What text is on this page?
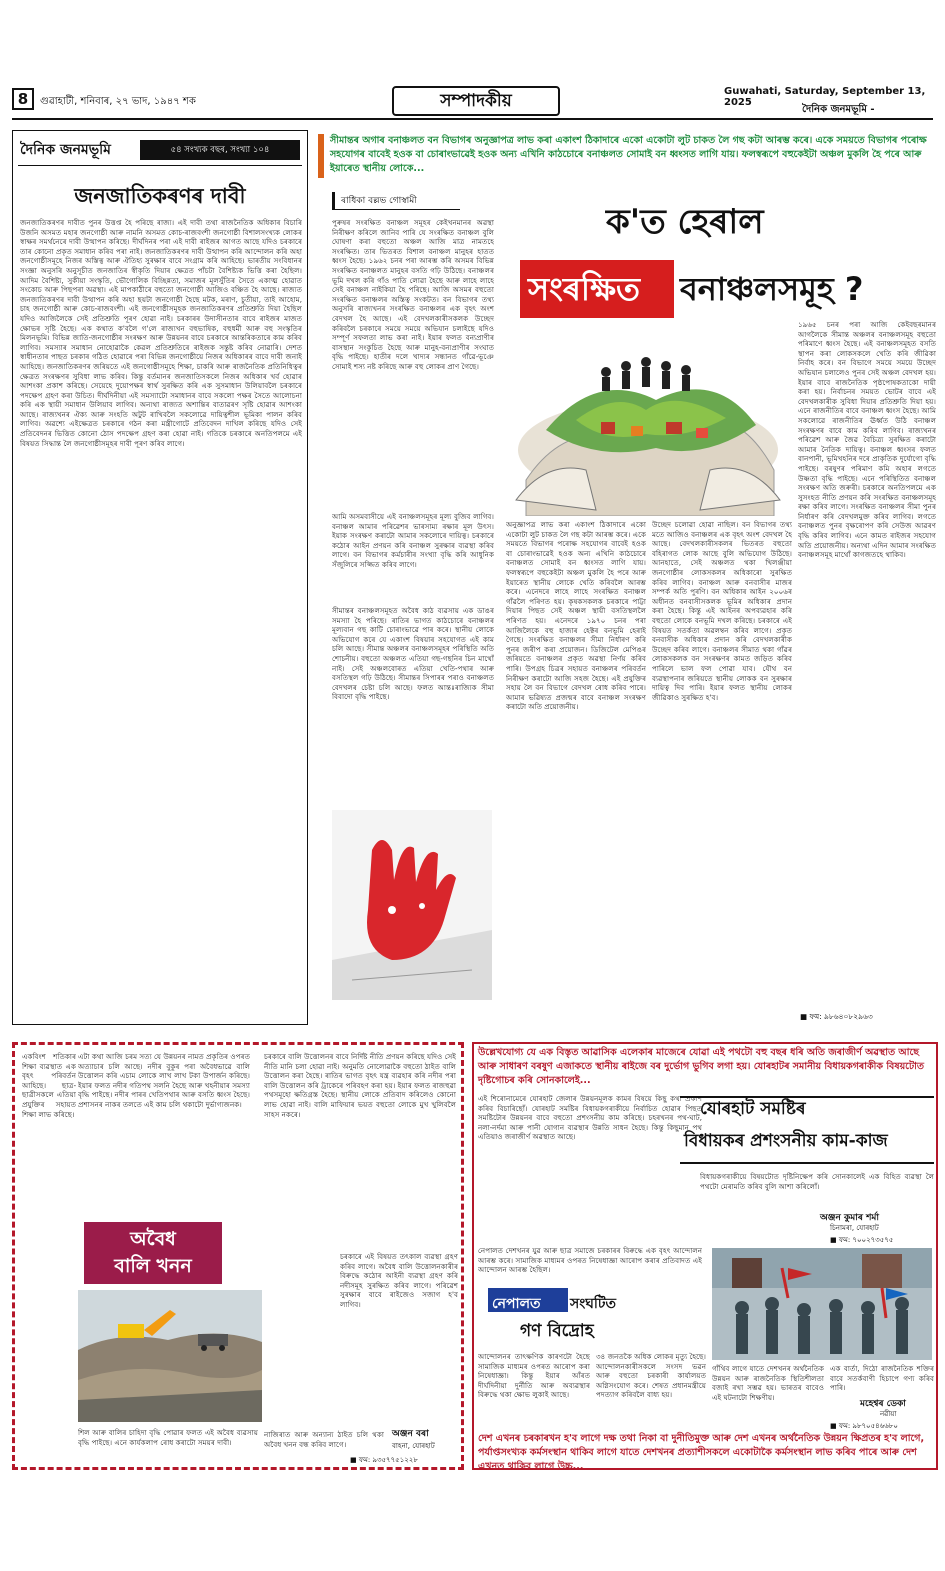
8	গুৱাহাটী, শনিবাৰ, ২৭ ভাদ, ১৯৪৭ শক	সম্পাদকীয়	Guwahati, Saturday, September 13, 2025
দৈনিক জনমভূমি -
দৈনিক জনমভূমি	৫৪ সংখ্যক বছৰ, সংখ্যা ১০৪
জনজাতিকৰণৰ দাবী
জনজাতিকৰণৰ দাবীত পুনৰ উত্তপ্ত হৈ পৰিছে ৰাজ্য। এই দাবী তথা ৰাজনৈতিক অধিকাৰ বিচাৰি উজনি অসমত মহাৰ জনগোষ্ঠী আৰু নামনি অসমত কোচ-ৰাজবংশী জনগোষ্ঠী বিশালসংখ্যক লোকৰ স্বাক্ষৰ সমৰ্থনেৰে দাবী উত্থাপন কৰিছে। দীৰ্ঘদিনৰ পৰা এই দাবী ৰাইজৰ আগত আছে যদিও চৰকাৰে তাৰ কোনো প্ৰকৃত সমাধান কৰিব পৰা নাই। জনজাতিকৰণৰ দাবী উত্থাপন কৰি আন্দোলন কৰি অহা জনগোষ্ঠীসমূহে নিজৰ অস্তিত্ব আৰু ঐতিহ্য সুৰক্ষাৰ বাবে সংগ্ৰাম কৰি আহিছে। ভাৰতীয় সংবিধানৰ সংজ্ঞা অনুসৰি অনুসূচীত জনজাতিৰ স্বীকৃতি দিয়াৰ ক্ষেত্ৰত পাঁচটা বৈশিষ্ট্যক ভিত্তি কৰা হৈছিল। আদিম বৈশিষ্ট্য, সুকীয়া সংস্কৃতি, ভৌগোলিক বিচ্ছিন্নতা, সমাজৰ মূলসুঁতিৰ সৈতে একাত্ম হোৱাত সংকোচ আৰু পিছপৰা অৱস্থা। এই মাপকাঠীৰে বহুতো জনগোষ্ঠী আজিও বঞ্চিত হৈ আছে। ৰাজ্যত জনজাতিকৰণৰ দাবী উত্থাপন কৰি অহা ছয়টা জনগোষ্ঠী হৈছে মটক, মৰাণ, চুতীয়া, তাই আহোম, চাহ জনগোষ্ঠী আৰু কোচ-ৰাজবংশী। এই জনগোষ্ঠীসমূহক জনজাতিকৰণৰ প্ৰতিশ্ৰুতি দিয়া হৈছিল যদিও আজিলৈকে সেই প্ৰতিশ্ৰুতি পূৰণ হোৱা নাই। চৰকাৰৰ উদাসীনতাৰ বাবে ৰাইজৰ মাজত ক্ষোভৰ সৃষ্টি হৈছে। এক কথাত ক'বলৈ গ'লে ৰাজ্যখন বহুভাষিক, বহুধৰ্মী আৰু বহু সংস্কৃতিৰ মিলনভূমি। বিভিন্ন জাতি-জনগোষ্ঠীৰ সংৰক্ষণ আৰু উন্নয়নৰ বাবে চৰকাৰে আন্তৰিকতাৰে কাম কৰিব লাগিব। সমস্যাৰ সমাধান নোহোৱাকৈ কেৱল প্ৰতিশ্ৰুতিৰে ৰাইজক সন্তুষ্ট কৰিব নোৱাৰি। দেশত স্বাধীনতাৰ পাছত চৰকাৰ গঠিত হোৱাৰে পৰা বিভিন্ন জনগোষ্ঠীয়ে নিজৰ অধিকাৰৰ বাবে দাবী জনাই আহিছে। জনজাতিকৰণৰ জৰিয়তে এই জনগোষ্ঠীসমূহে শিক্ষা, চাকৰি আৰু ৰাজনৈতিক প্ৰতিনিধিত্বৰ ক্ষেত্ৰত সংৰক্ষণৰ সুবিধা লাভ কৰিব। কিন্তু বৰ্তমানৰ জনজাতিসকলে নিজৰ অধিকাৰ খৰ্ব হোৱাৰ আশংকা প্ৰকাশ কৰিছে। সেয়েহে দুয়োপক্ষৰ স্বাৰ্থ সুৰক্ষিত কৰি এক সুসমাধান উলিয়াবলৈ চৰকাৰে পদক্ষেপ গ্ৰহণ কৰা উচিত। দীৰ্ঘদিনীয়া এই সমস্যাটো সমাধানৰ বাবে সকলো পক্ষৰ সৈতে আলোচনা কৰি এক স্থায়ী সমাধান উলিয়াব লাগিব। অন্যথা ৰাজ্যত অশান্তিৰ বাতাৱৰণ সৃষ্টি হোৱাৰ আশংকা আছে। ৰাজ্যখনৰ ঐক্য আৰু সংহতি অটুট ৰাখিবলৈ সকলোৱে দায়িত্বশীল ভূমিকা পালন কৰিব লাগিব। অৱশ্যে এইক্ষেত্ৰত চৰকাৰে গঠন কৰা মন্ত্ৰীগোটে প্ৰতিবেদন দাখিল কৰিছে যদিও সেই প্ৰতিবেদনৰ ভিত্তিত কোনো ঠোস পদক্ষেপ গ্ৰহণ কৰা হোৱা নাই। গতিকে চৰকাৰে অনতিপলমে এই বিষয়ত সিদ্ধান্ত লৈ জনগোষ্ঠীসমূহৰ দাবী পূৰণ কৰিব লাগে।
সীমান্তৰ অগাৰ বনাঞ্চলত বন বিভাগৰ অনুজ্ঞাপত্ৰ লাভ কৰা একাংশ ঠিকাদাৰে একো একোটা লুট চাকত লৈ গছ কটা আৰম্ভ কৰে। একে সময়তে বিভাগৰ পৰোক্ষ সহযোগৰ বাবেই হওক বা চোৰাংভাৱেই হওক অন্য এখিনি কাঠচোৰে বনাঞ্চলত সোমাই বন ধ্বংসত লাগি যায়। ফলস্বৰূপে বহুকেইটা অঞ্চল মুকলি হৈ পৰে আৰু ইয়াৰেত স্থানীয় লোকে...
ৰাধিকা বল্লভ গোস্বামী
ক'ত হেৰাল
সংৰক্ষিত বনাঞ্চলসমূহ ?
পুৰুষৰ সংৰক্ষিত বনাঞ্চল সমূহৰ কেইখনমানৰ অৱস্থা নিৰীক্ষণ কৰিলে জানিব পাৰি যে সংৰক্ষিত বনাঞ্চল বুলি ঘোষণা কৰা বহুতো অঞ্চল আজি মাত্ৰ নামতহে সংৰক্ষিত। তাৰ ভিতৰত বিশাল বনাঞ্চল মানুহৰ হাতত ধ্বংস হৈছে। ১৯৬২ চনৰ পৰা আৰম্ভ কৰি অসমৰ বিভিন্ন সংৰক্ষিত বনাঞ্চলত মানুহৰ বসতি গঢ়ি উঠিছে। বনাঞ্চলৰ ভূমি দখল কৰি গাঁও পাতি লোৱা হৈছে আৰু লাহে লাহে সেই বনাঞ্চল নাইকিয়া হৈ পৰিছে। আজি অসমৰ বহুতো সংৰক্ষিত বনাঞ্চলৰ অস্তিত্ব সংকটত। বন বিভাগৰ তথ্য অনুসৰি ৰাজ্যখনৰ সংৰক্ষিত বনাঞ্চলৰ এক বৃহৎ অংশ বেদখল হৈ আছে। এই বেদখলকাৰীসকলক উচ্ছেদ কৰিবলৈ চৰকাৰে সময়ে সময়ে অভিযান চলাইছে যদিও সম্পূৰ্ণ সফলতা লাভ কৰা নাই। ইয়াৰ ফলত বন্যপ্ৰাণীৰ বাসস্থান সংকুচিত হৈছে আৰু মানুহ-বন্যপ্ৰাণীৰ সংঘাত বৃদ্ধি পাইছে। হাতীৰ দলে খাদ্যৰ সন্ধানত গাঁৱে-ভূঞে সোমাই শস্য নষ্ট কৰিছে আৰু বহু লোকৰ প্ৰাণ গৈছে।
আমি অসমবাসীয়ে এই বনাঞ্চলসমূহৰ মূল্য বুজিব লাগিব। বনাঞ্চল আমাৰ পৰিৱেশৰ ভাৰসাম্য ৰক্ষাৰ মূল উৎস। ইয়াক সংৰক্ষণ কৰাটো আমাৰ সকলোৰে দায়িত্ব। চৰকাৰে কঠোৰ আইন প্ৰণয়ন কৰি বনাঞ্চল সুৰক্ষাৰ ব্যৱস্থা কৰিব লাগে। বন বিভাগৰ কৰ্মচাৰীৰ সংখ্যা বৃদ্ধি কৰি আধুনিক সঁজুলিৰে সজ্জিত কৰিব লাগে।
সীমান্তৰ বনাঞ্চলসমূহত অবৈধ কাঠ ব্যৱসায় এক ডাঙৰ সমস্যা হৈ পৰিছে। ৰাতিৰ ভাগত কাঠচোৰে বনাঞ্চলৰ মূল্যবান গছ কাটি চোৰাংভাৱে পাৰ কৰে। স্থানীয় লোকে অভিযোগ কৰে যে একাংশ বিষয়াৰ সহযোগত এই কাম চলি আছে। সীমান্ত অঞ্চলৰ বনাঞ্চলসমূহৰ পৰিস্থিতি অতি শোচনীয়। বহুতো অঞ্চলত এতিয়া গছ-গছনিৰ চিন মাথোঁ নাই। সেই অঞ্চলবোৰত এতিয়া খেতি-পথাৰ আৰু বসতিস্থল গঢ়ি উঠিছে। সীমান্তৰ সিপাৰৰ পৰাও বনাঞ্চলত বেদখলৰ চেষ্টা চলি আছে। ফলত আন্তঃৰাজ্যিক সীমা বিবাদো বৃদ্ধি পাইছে।
অনুজ্ঞাপত্ৰ লাভ কৰা একাংশ ঠিকাদাৰে একো একোটা লুট চাকত লৈ গছ কটা আৰম্ভ কৰে। একে সময়তে বিভাগৰ পৰোক্ষ সহযোগৰ বাবেই হওক বা চোৰাংভাৱেই হওক অন্য এখিনি কাঠচোৰে বনাঞ্চলত সোমাই বন ধ্বংসত লাগি যায়। ফলস্বৰূপে বহুকেইটা অঞ্চল মুকলি হৈ পৰে আৰু ইয়াৰেত স্থানীয় লোকে খেতি কৰিবলৈ আৰম্ভ কৰে। এনেদৰে লাহে লাহে সংৰক্ষিত বনাঞ্চল গাঁৱলৈ পৰিণত হয়। কৃষকসকলক চৰকাৰে পাট্টা দিয়াৰ পিছত সেই অঞ্চল স্থায়ী বসতিস্থললৈ পৰিণত হয়। এনেদৰে ১৯৭০ চনৰ পৰা আজিলৈকে বহু হাজাৰ হেক্টৰ বনভূমি হেৰাই গৈছে। সংৰক্ষিত বনাঞ্চলৰ সীমা নিৰ্ধাৰণ কৰি পুনৰ জৰীপ কৰা প্ৰয়োজন। ডিজিটেল মেপিঙৰ জৰিয়তে বনাঞ্চলৰ প্ৰকৃত অৱস্থা নিৰ্ণয় কৰিব পাৰি। উপগ্ৰহ চিত্ৰৰ সহায়ত বনাঞ্চলৰ পৰিবৰ্তন নিৰীক্ষণ কৰাটো আজি সহজ হৈছে। এই প্ৰযুক্তিৰ সহায় লৈ বন বিভাগে বেদখল ৰোধ কৰিব পাৰে। আমাৰ ভৱিষ্যত প্ৰজন্মৰ বাবে বনাঞ্চল সংৰক্ষণ কৰাটো অতি প্ৰয়োজনীয়।
উচ্ছেদ চলোৱা হোৱা নাছিল। বন বিভাগৰ তথ্য মতে আজিও বনাঞ্চলৰ এক বৃহৎ অংশ বেদখল হৈ আছে। বেদখলকাৰীসকলৰ ভিতৰত বহুতো বহিৰাগত লোক আছে বুলি অভিযোগ উঠিছে। আনহাতে, সেই অঞ্চলত থকা খিলঞ্জীয়া জনগোষ্ঠীৰ লোকসকলৰ অধিকাৰো সুৰক্ষিত কৰিব লাগিব। বনাঞ্চল আৰু বনবাসীৰ মাজৰ সম্পৰ্ক অতি পুৰণি। বন অধিকাৰ আইন ২০০৬ৰ অধীনত বনবাসীসকলক ভূমিৰ অধিকাৰ প্ৰদান কৰা হৈছে। কিন্তু এই আইনৰ অপব্যৱহাৰ কৰি বহুতো লোকে বনভূমি দখল কৰিছে। চৰকাৰে এই বিষয়ত সতৰ্কতা অৱলম্বন কৰিব লাগে। প্ৰকৃত বনবাসীক অধিকাৰ প্ৰদান কৰি বেদখলকাৰীক উচ্ছেদ কৰিব লাগে। বনাঞ্চলৰ সীমাত থকা গাঁৱৰ লোকসকলক বন সংৰক্ষণৰ কামত জড়িত কৰিব পাৰিলে ভাল ফল পোৱা যাব। যৌথ বন ব্যৱস্থাপনাৰ জৰিয়তে স্থানীয় লোকক বন সুৰক্ষাৰ দায়িত্ব দিব পাৰি। ইয়াৰ ফলত স্থানীয় লোকৰ জীৱিকাও সুৰক্ষিত হ'ব।
১৯৬৫ চনৰ পৰা আজি কেইবছৰমানৰ আগলৈকে সীমান্ত অঞ্চলৰ বনাঞ্চলসমূহ বহুতো পৰিমাণে ধ্বংস হৈছে। এই বনাঞ্চলসমূহত বসতি স্থাপন কৰা লোকসকলে খেতি কৰি জীৱিকা নিৰ্বাহ কৰে। বন বিভাগে সময়ে সময়ে উচ্ছেদ অভিযান চলালেও পুনৰ সেই অঞ্চল বেদখল হয়। ইয়াৰ বাবে ৰাজনৈতিক পৃষ্ঠপোষকতাকো দায়ী কৰা হয়। নিৰ্বাচনৰ সময়ত ভোটৰ বাবে এই বেদখলকাৰীক সুবিধা দিয়াৰ প্ৰতিশ্ৰুতি দিয়া হয়। এনে ৰাজনীতিৰ বাবে বনাঞ্চল ধ্বংস হৈছে। আমি সকলোৱে ৰাজনীতিৰ ঊৰ্ধ্বত উঠি বনাঞ্চল সংৰক্ষণৰ বাবে কাম কৰিব লাগিব। ৰাজ্যখনৰ পৰিৱেশ আৰু জৈৱ বৈচিত্ৰ্য সুৰক্ষিত কৰাটো আমাৰ নৈতিক দায়িত্ব। বনাঞ্চল ধ্বংসৰ ফলত বানপানী, ভূমিখহনিৰ দৰে প্ৰাকৃতিক দুৰ্যোগো বৃদ্ধি পাইছে। বৰষুণৰ পৰিমাণ কমি অহাৰ লগতে উষ্ণতা বৃদ্ধি পাইছে। এনে পৰিস্থিতিত বনাঞ্চল সংৰক্ষণ অতি জৰুৰী। চৰকাৰে অনতিপলমে এক সুসংহত নীতি প্ৰণয়ন কৰি সংৰক্ষিত বনাঞ্চলসমূহ ৰক্ষা কৰিব লাগে। সংৰক্ষিত বনাঞ্চলৰ সীমা পুনৰ নিৰ্ধাৰণ কৰি বেদখলমুক্ত কৰিব লাগিব। লগতে বনাঞ্চলত পুনৰ বৃক্ষৰোপণ কৰি সেউজ আৱৰণ বৃদ্ধি কৰিব লাগিব। এনে কামত ৰাইজৰ সহযোগ অতি প্ৰয়োজনীয়। অন্যথা এদিন আমাৰ সংৰক্ষিত বনাঞ্চলসমূহ মাথোঁ কাগজতহে থাকিব।
■ ফম: ৯৮৬৪০৮২৯৬৩
একবিংশ শতিকাৰ শিক্ষা ব্যৱস্থাত এক বৃহৎ পৰিবৰ্তন আহিছে। ছাত্ৰ-ছাত্ৰীসকলে এতিয়া প্ৰযুক্তিৰ সহায়ত শিক্ষা লাভ কৰিছে।
এটা কথা আজি চৰম সত্য যে উন্নয়নৰ নামত প্ৰকৃতিৰ ওপৰত অত্যাচাৰ চলি আছে। নদীৰ বুকুৰ পৰা অবৈধভাৱে বালি উত্তোলন কৰি এচাম লোকে লাখ লাখ টকা উপাৰ্জন কৰিছে। ইয়াৰ ফলত নদীৰ গতিপথ সলনি হৈছে আৰু খহনীয়াৰ সমস্যা বৃদ্ধি পাইছে। নদীৰ পাৰৰ খেতিপথাৰ আৰু বসতি ধ্বংস হৈছে। প্ৰশাসনৰ নাকৰ তলতে এই কাম চলি থকাটো দুৰ্ভাগ্যজনক।
চৰকাৰে বালি উত্তোলনৰ বাবে নিৰ্দিষ্ট নীতি প্ৰণয়ন কৰিছে যদিও সেই নীতি মানি চলা হোৱা নাই। অনুমতি নোলোৱাকৈ বহুতো ঠাইত বালি উত্তোলন কৰা হৈছে। ৰাতিৰ ভাগত বৃহৎ যন্ত্ৰ ব্যৱহাৰ কৰি নদীৰ পৰা বালি উত্তোলন কৰি ট্ৰাকেৰে পৰিবহণ কৰা হয়। ইয়াৰ ফলত ৰাজহুৱা পথসমূহো ক্ষতিগ্ৰস্ত হৈছে। স্থানীয় লোকে প্ৰতিবাদ কৰিলেও কোনো লাভ হোৱা নাই। বালি মাফিয়াৰ ভয়ত বহুতো লোকে মুখ খুলিবলৈ সাহস নকৰে।
অবৈধ
বালি খনন
শিল আৰু বালিৰ চাহিদা বৃদ্ধি পোৱাৰ ফলত এই অবৈধ ব্যৱসায় বৃদ্ধি পাইছে। এনে কাৰ্যকলাপ ৰোধ কৰাটো সময়ৰ দাবী।
চৰকাৰে এই বিষয়ত তৎকাল ব্যৱস্থা গ্ৰহণ কৰিব লাগে। অবৈধ বালি উত্তোলনকাৰীৰ বিৰুদ্ধে কঠোৰ আইনী ব্যৱস্থা গ্ৰহণ কৰি নদীসমূহ সুৰক্ষিত কৰিব লাগে। পৰিৱেশ সুৰক্ষাৰ বাবে ৰাইজেও সজাগ হ'ব লাগিব।
নাজিৰাত আৰু অন্যান্য ঠাইত চলি থকা অবৈধ খনন বন্ধ কৰিব লাগে।
অঞ্জন বৰা
বাহনা, যোৰহাট
■ ফম: ৯৩৫৭৭৫১২২৮
উল্লেখযোগ্য যে এক বিস্তৃত আৱাসিক এলেকাৰ মাজেৰে যোৱা এই পথটো বহু বছৰ ধৰি অতি জৰাজীৰ্ণ অৱস্থাত আছে আৰু সাধাৰণ বৰষুণ এজাকতে স্থানীয় ৰাইজে বৰ দুৰ্ভোগ ভুগিব লগা হয়। যোৰহাটৰ সমানীয় বিধায়কগৰাকীক বিষয়টোত দৃষ্টিগোচৰ কৰি সোনকালেই...
এই শিৰোনামেৰে যোৰহাট জেলাৰ উন্নয়নমূলক কামৰ বিষয়ে কিছু কথা প্ৰকাশ কৰিব বিচাৰিছোঁ। যোৰহাট সমষ্টিৰ বিধায়কগৰাকীয়ে নিৰ্বাচিত হোৱাৰ পিছত সমষ্টিটোৰ উন্নয়নৰ বাবে বহুতো প্ৰশংসনীয় কাম কৰিছে। চহৰখনৰ পথ-ঘাট, নলা-নৰ্দমা আৰু পানী যোগান ব্যৱস্থাৰ উন্নতি সাধন হৈছে। কিন্তু কিছুমান পথ এতিয়াও জৰাজীৰ্ণ অৱস্থাত আছে।
যোৰহাট সমষ্টিৰ
বিধায়কৰ প্ৰশংসনীয় কাম-কাজ
বিধায়কগৰাকীয়ে বিষয়টোত দৃষ্টিনিক্ষেপ কৰি সোনকালেই এক বিহিত ব্যৱস্থা লৈ পথটো মেৰামতি কৰিব বুলি আশা কৰিলোঁ।
অঞ্জন কুমাৰ শৰ্মা
চিনামৰা, যোৰহাট
■ ফম: ৭০০২৭৩৫৭৫
নেপালত দেশখনৰ যুৱ আৰু ছাত্ৰ সমাজে চৰকাৰৰ বিৰুদ্ধে এক বৃহৎ আন্দোলন আৰম্ভ কৰে। সামাজিক মাধ্যমৰ ওপৰত নিষেধাজ্ঞা আৰোপ কৰাৰ প্ৰতিবাদত এই আন্দোলন আৰম্ভ হৈছিল।
নেপালত সংঘটিত
গণ বিদ্ৰোহ
আন্দোলনৰ তাৎক্ষণিক কাৰণটো হৈছে সামাজিক মাধ্যমৰ ওপৰত আৰোপ কৰা নিষেধাজ্ঞা। কিন্তু ইয়াৰ আঁৰত দীৰ্ঘদিনীয়া দুৰ্নীতি আৰু অব্যৱস্থাৰ বিৰুদ্ধে থকা ক্ষোভ লুকাই আছে।
৩৪ জনতকৈ অধিক লোকৰ মৃত্যু হৈছে। আন্দোলনকাৰীসকলে সংসদ ভৱন আৰু বহুতো চৰকাৰী কাৰ্যালয়ত অগ্নিসংযোগ কৰে। শেষত প্ৰধানমন্ত্ৰীয়ে পদত্যাগ কৰিবলৈ বাধ্য হয়।
গাঁথিব লাগে যাতে দেশখনৰ অৰ্থনৈতিক উন্নয়ন আৰু ৰাজনৈতিক স্থিতিশীলতা বজাই ৰখা সম্ভৱ হয়। ভাৰতৰ বাবেও এই ঘটনাটো শিক্ষণীয়।
এক বাৰ্তা, দিঠো ৰাজনৈতিক শক্তিৰ বাবে সতৰ্কবাণী হিচাপে গণ্য কৰিব পাৰি।
মহেশ্বৰ ডেকা
নৱীয়া
■ ফম: ৯৮৭০৫৪৬৬৮০
দেশ এখনৰ চৰকাৰখন হ'ব লাগে দক্ষ তথা নিকা বা দুনীতিমুক্ত আৰু দেশ এখনৰ অৰ্থনৈতিক উন্নয়ন ক্ষিপ্ৰতৰ হ'ব লাগে, পৰ্যাপ্তসংখ্যক কৰ্মসংস্থান থাকিব লাগে যাতে দেশখনৰ প্ৰত্যাশীসকলে একোটাকৈ কৰ্মসংস্থান লাভ কৰিব পাৰে আৰু দেশ এখনত থাকিব লাগে উচ্চ...
